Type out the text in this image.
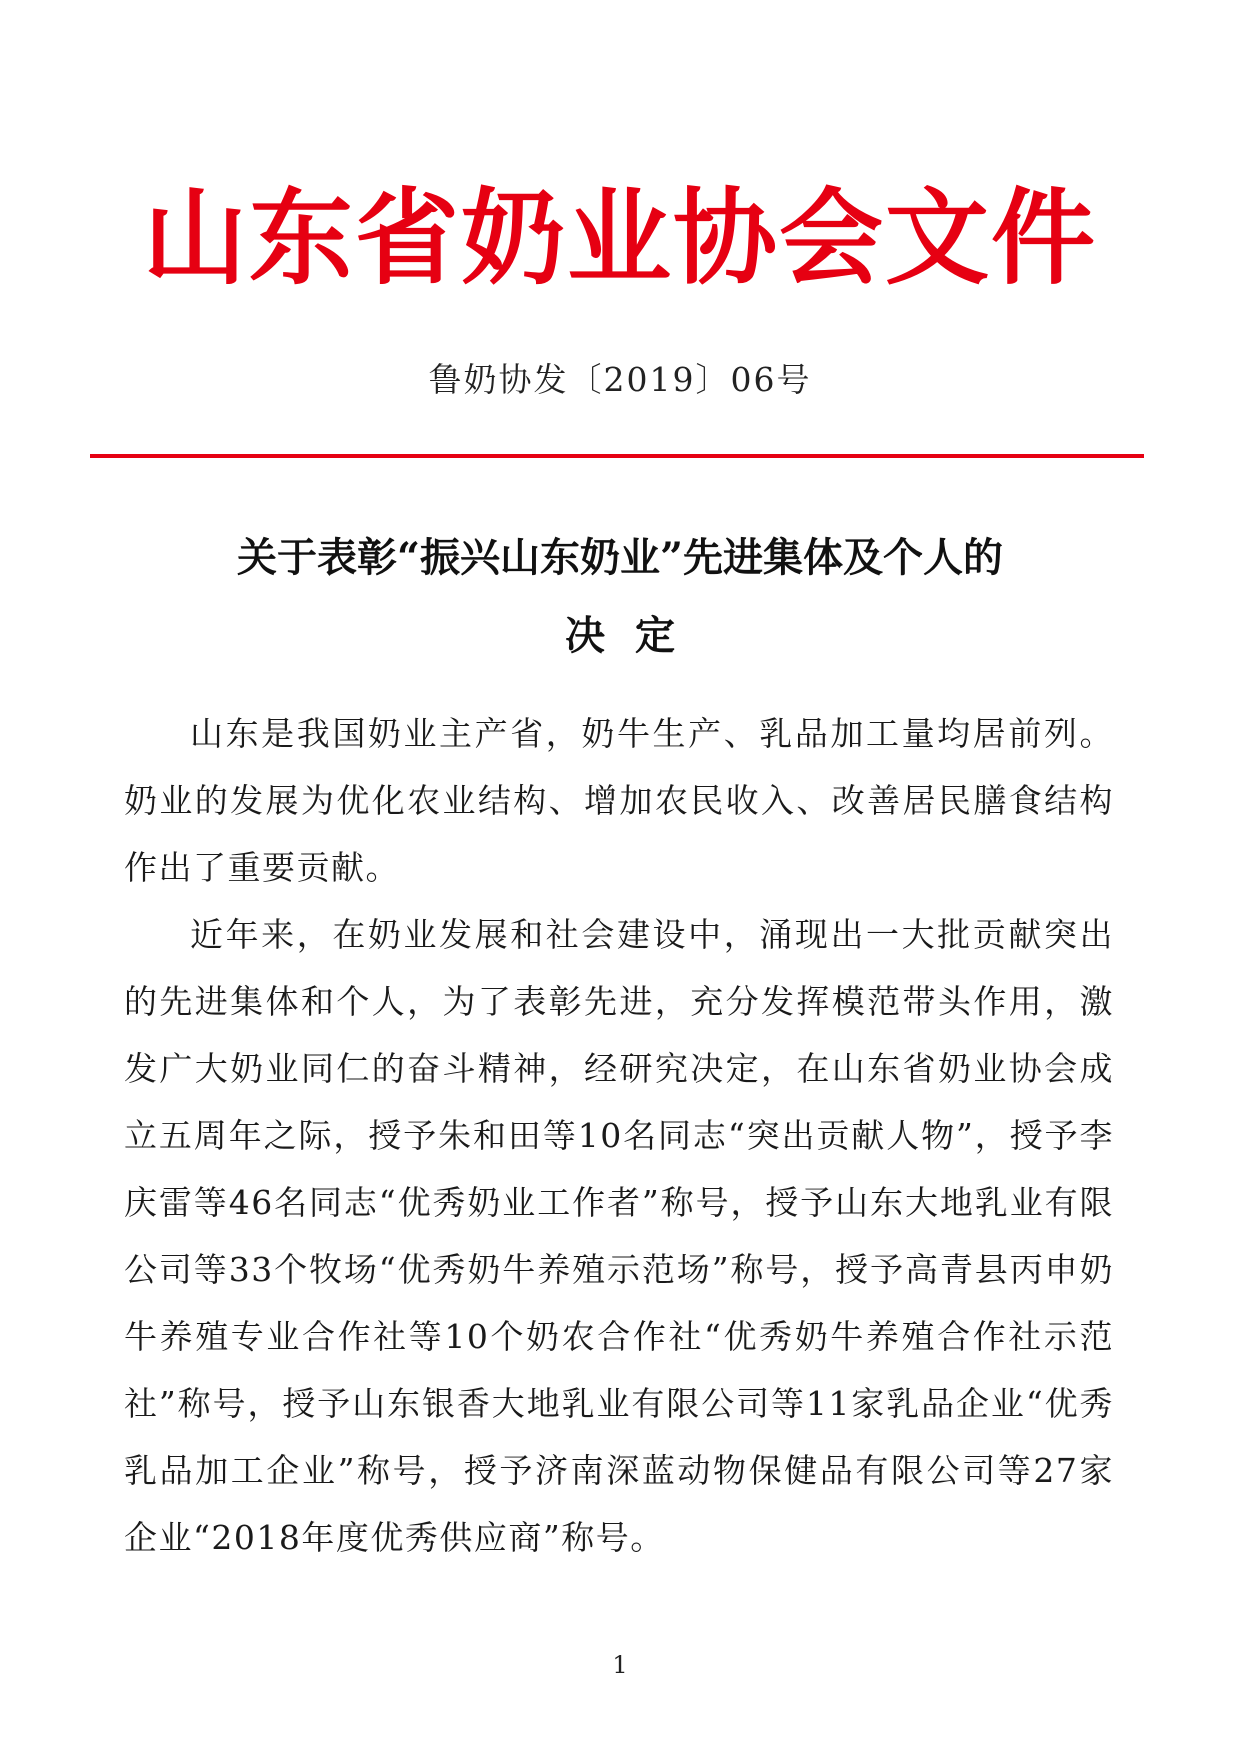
山东省奶业协会文件
鲁奶协发〔2019〕06号
关于表彰“振兴山东奶业”先进集体及个人的
决定

山东是我国奶业主产省，奶牛生产、乳品加工量均居前列。奶业的发展为优化农业结构、增加农民收入、改善居民膳食结构作出了重要贡献。

近年来，在奶业发展和社会建设中，涌现出一大批贡献突出的先进集体和个人，为了表彰先进，充分发挥模范带头作用，激发广大奶业同仁的奋斗精神，经研究决定，在山东省奶业协会成立五周年之际，授予朱和田等10名同志“突出贡献人物”，授予李庆雷等46名同志“优秀奶业工作者”称号，授予山东大地乳业有限公司等33个牧场“优秀奶牛养殖示范场”称号，授予高青县丙申奶牛养殖专业合作社等10个奶农合作社“优秀奶牛养殖合作社示范社”称号，授予山东银香大地乳业有限公司等11家乳品企业“优秀乳品加工企业”称号，授予济南深蓝动物保健品有限公司等27家企业“2018年度优秀供应商”称号。

1
